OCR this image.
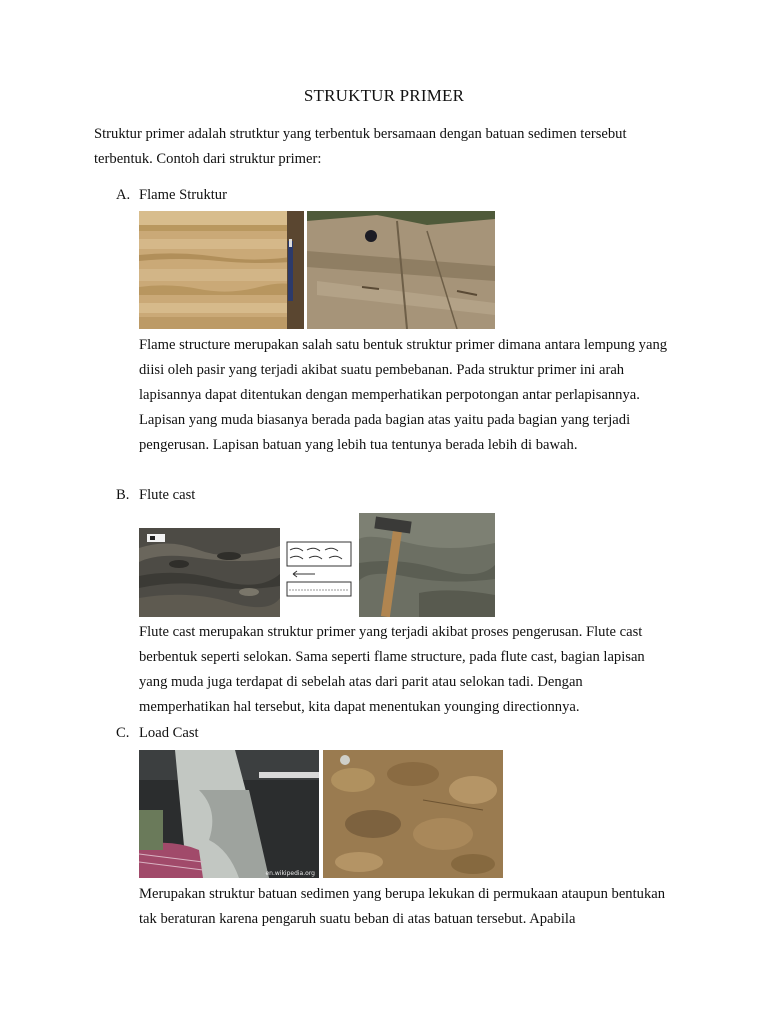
STRUKTUR PRIMER

Struktur primer adalah strutktur yang terbentuk bersamaan dengan batuan sedimen tersebut terbentuk. Contoh dari struktur primer:

A. Flame Struktur

Flame structure merupakan salah satu bentuk struktur primer dimana antara lempung yang diisi oleh pasir yang terjadi akibat suatu pembebanan. Pada struktur primer ini arah lapisannya dapat ditentukan dengan memperhatikan perpotongan antar perlapisannya. Lapisan yang muda biasanya berada pada bagian atas yaitu pada bagian yang terjadi pengerusan. Lapisan batuan yang lebih tua tentunya berada lebih di bawah.

B. Flute cast

Flute cast merupakan struktur primer yang terjadi akibat proses pengerusan. Flute cast berbentuk seperti selokan. Sama seperti flame structure, pada flute cast, bagian lapisan yang muda juga terdapat di sebelah atas dari parit atau selokan tadi. Dengan memperhatikan hal tersebut, kita dapat menentukan younging directionnya.

C. Load Cast
en.wikipedia.org

Merupakan struktur batuan sedimen yang berupa lekukan di permukaan ataupun bentukan tak beraturan karena pengaruh suatu beban di atas batuan tersebut. Apabila
